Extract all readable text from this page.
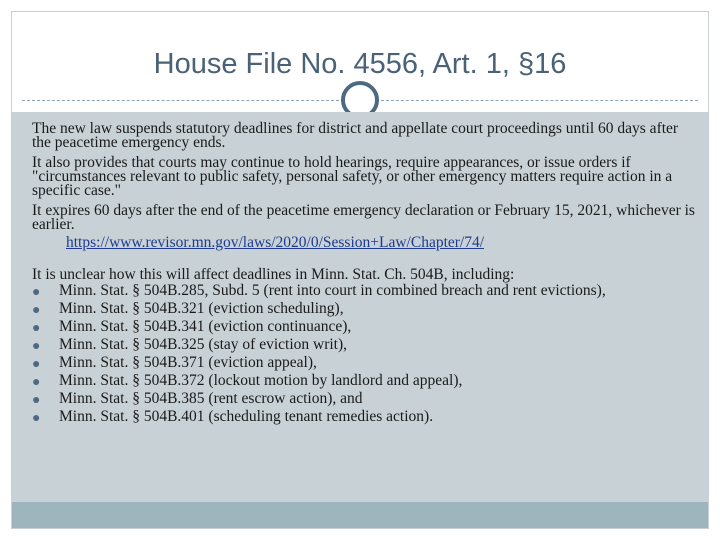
House File No. 4556, Art. 1, §16

The new law suspends statutory deadlines for district and appellate court proceedings until 60 days after the peacetime emergency ends.

It also provides that courts may continue to hold hearings, require appearances, or issue orders if "circumstances relevant to public safety, personal safety, or other emergency matters require action in a specific case."

It expires 60 days after the end of the peacetime emergency declaration or February 15, 2021, whichever is earlier.

https://www.revisor.mn.gov/laws/2020/0/Session+Law/Chapter/74/

It is unclear how this will affect deadlines in Minn. Stat. Ch. 504B, including:

● Minn. Stat. § 504B.285, Subd. 5 (rent into court in combined breach and rent evictions),
● Minn. Stat. § 504B.321 (eviction scheduling),
● Minn. Stat. § 504B.341 (eviction continuance),
● Minn. Stat. § 504B.325 (stay of eviction writ),
● Minn. Stat. § 504B.371 (eviction appeal),
● Minn. Stat. § 504B.372 (lockout motion by landlord and appeal),
● Minn. Stat. § 504B.385 (rent escrow action), and
● Minn. Stat. § 504B.401 (scheduling tenant remedies action).
